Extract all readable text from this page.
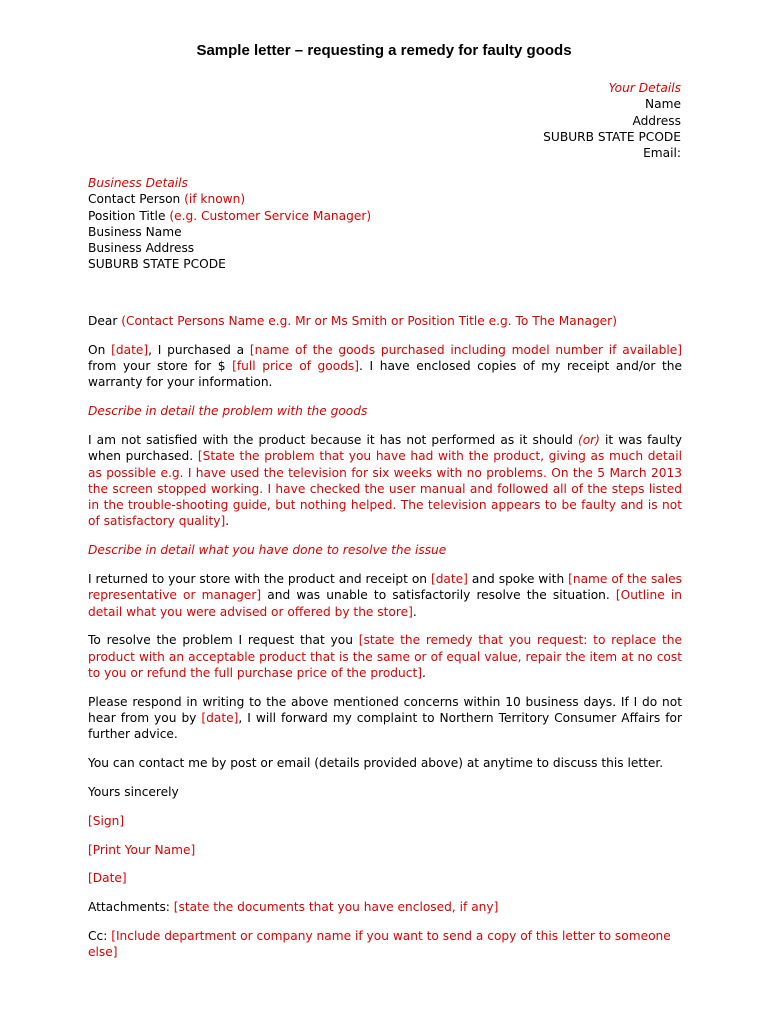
Sample letter – requesting a remedy for faulty goods
Your Details
Name
Address
SUBURB STATE PCODE
Email:
Business Details
Contact Person (if known)
Position Title (e.g. Customer Service Manager)
Business Name
Business Address
SUBURB STATE PCODE

Dear (Contact Persons Name e.g. Mr or Ms Smith or Position Title e.g. To The Manager)

On [date], I purchased a [name of the goods purchased including model number if available] from your store for $ [full price of goods]. I have enclosed copies of my receipt and/or the warranty for your information.

Describe in detail the problem with the goods

I am not satisfied with the product because it has not performed as it should (or) it was faulty when purchased. [State the problem that you have had with the product, giving as much detail as possible e.g. I have used the television for six weeks with no problems. On the 5 March 2013 the screen stopped working. I have checked the user manual and followed all of the steps listed in the trouble-shooting guide, but nothing helped. The television appears to be faulty and is not of satisfactory quality].

Describe in detail what you have done to resolve the issue

I returned to your store with the product and receipt on [date] and spoke with [name of the sales representative or manager] and was unable to satisfactorily resolve the situation. [Outline in detail what you were advised or offered by the store].

To resolve the problem I request that you [state the remedy that you request: to replace the product with an acceptable product that is the same or of equal value, repair the item at no cost to you or refund the full purchase price of the product].

Please respond in writing to the above mentioned concerns within 10 business days. If I do not hear from you by [date], I will forward my complaint to Northern Territory Consumer Affairs for further advice.

You can contact me by post or email (details provided above) at anytime to discuss this letter.

Yours sincerely

[Sign]

[Print Your Name]

[Date]

Attachments: [state the documents that you have enclosed, if any]

Cc: [Include department or company name if you want to send a copy of this letter to someone else]
